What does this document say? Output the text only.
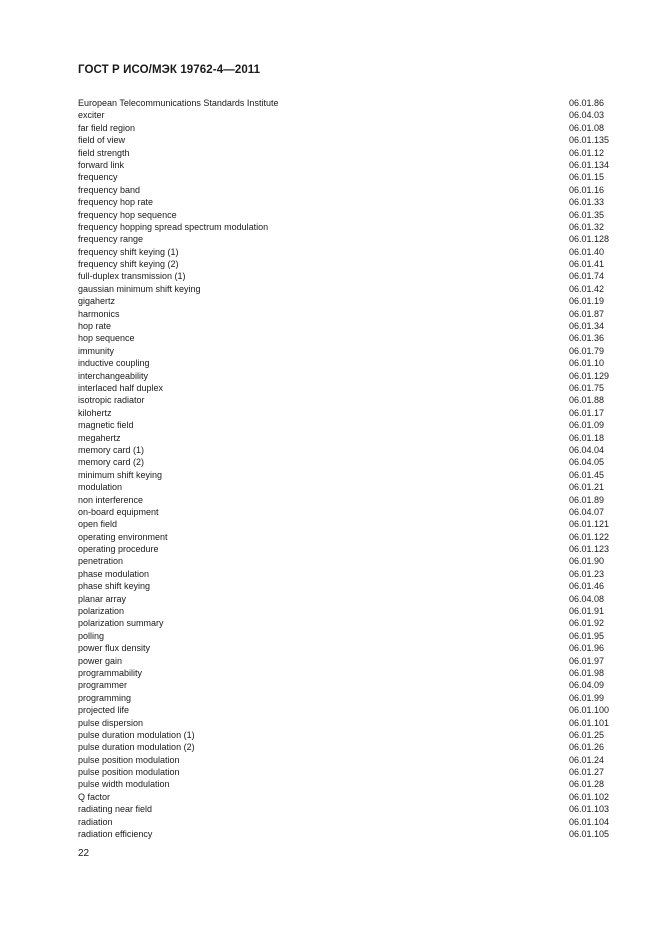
ГОСТ Р ИСО/МЭК 19762-4—2011
European Telecommunications Standards Institute	06.01.86
exciter	06.04.03
far field region	06.01.08
field of view	06.01.135
field strength	06.01.12
forward link	06.01.134
frequency	06.01.15
frequency band	06.01.16
frequency hop rate	06.01.33
frequency hop sequence	06.01.35
frequency hopping spread spectrum modulation	06.01.32
frequency range	06.01.128
frequency shift keying (1)	06.01.40
frequency shift keying (2)	06.01.41
full-duplex transmission (1)	06.01.74
gaussian minimum shift keying	06.01.42
gigahertz	06.01.19
harmonics	06.01.87
hop rate	06.01.34
hop sequence	06.01.36
immunity	06.01.79
inductive coupling	06.01.10
interchangeability	06.01.129
interlaced half duplex	06.01.75
isotropic radiator	06.01.88
kilohertz	06.01.17
magnetic field	06.01.09
megahertz	06.01.18
memory card (1)	06.04.04
memory card (2)	06.04.05
minimum shift keying	06.01.45
modulation	06.01.21
non interference	06.01.89
on-board equipment	06.04.07
open field	06.01.121
operating environment	06.01.122
operating procedure	06.01.123
penetration	06.01.90
phase modulation	06.01.23
phase shift keying	06.01.46
planar array	06.04.08
polarization	06.01.91
polarization summary	06.01.92
polling	06.01.95
power flux density	06.01.96
power gain	06.01.97
programmability	06.01.98
programmer	06.04.09
programming	06.01.99
projected life	06.01.100
pulse dispersion	06.01.101
pulse duration modulation (1)	06.01.25
pulse duration modulation (2)	06.01.26
pulse position modulation	06.01.24
pulse position modulation	06.01.27
pulse width modulation	06.01.28
Q factor	06.01.102
radiating near field	06.01.103
radiation	06.01.104
radiation efficiency	06.01.105
22
